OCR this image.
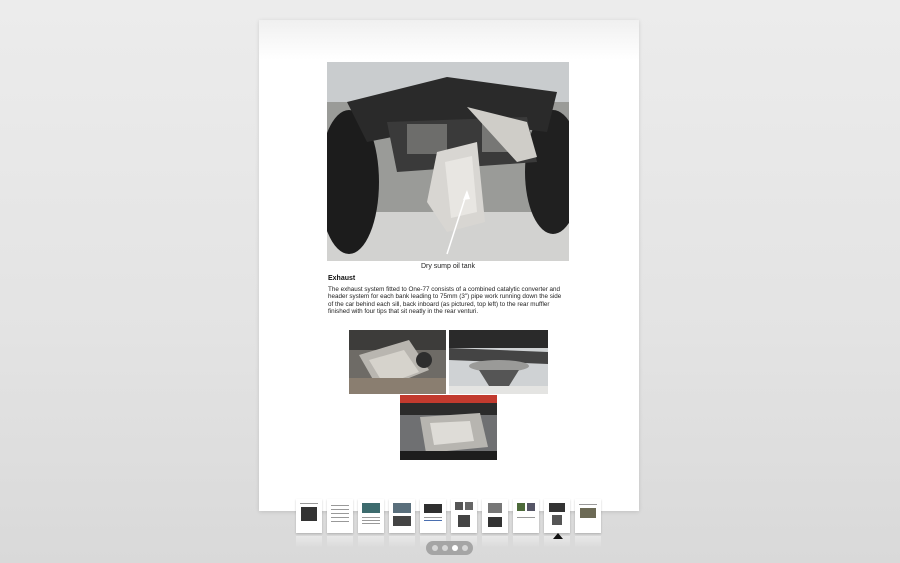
Dry sump oil tank
Exhaust
The exhaust system fitted to One-77 consists of a combined catalytic converter and header system for each bank leading to 75mm (3") pipe work running down the side of the car behind each sill, back inboard (as pictured, top left) to the rear muffler finished with four tips that sit neatly in the rear venturi.
